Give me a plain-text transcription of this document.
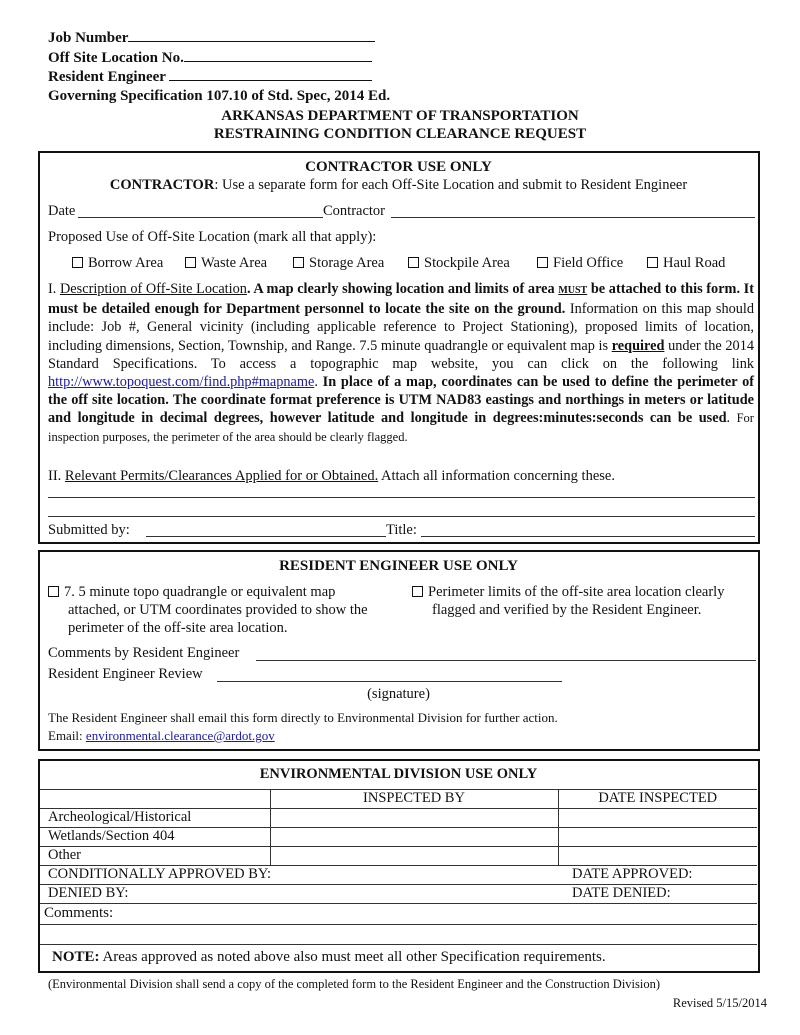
Job Number
Off Site Location No.
Resident Engineer
Governing Specification 107.10 of Std. Spec, 2014 Ed.
ARKANSAS DEPARTMENT OF TRANSPORTATION
RESTRAINING CONDITION CLEARANCE REQUEST
CONTRACTOR USE ONLY
CONTRACTOR: Use a separate form for each Off-Site Location and submit to Resident Engineer
Date	Contractor
Proposed Use of Off-Site Location (mark all that apply):
Borrow Area	Waste Area	Storage Area	Stockpile Area	Field Office	Haul Road
I. Description of Off-Site Location. A map clearly showing location and limits of area MUST be attached to this form. It must be detailed enough for Department personnel to locate the site on the ground. Information on this map should include: Job #, General vicinity (including applicable reference to Project Stationing), proposed limits of location, including dimensions, Section, Township, and Range. 7.5 minute quadrangle or equivalent map is required under the 2014 Standard Specifications. To access a topographic map website, you can click on the following link http://www.topoquest.com/find.php#mapname. In place of a map, coordinates can be used to define the perimeter of the off site location. The coordinate format preference is UTM NAD83 eastings and northings in meters or latitude and longitude in decimal degrees, however latitude and longitude in degrees:minutes:seconds can be used. For inspection purposes, the perimeter of the area should be clearly flagged.
II. Relevant Permits/Clearances Applied for or Obtained. Attach all information concerning these.
Submitted by:	Title:
RESIDENT ENGINEER USE ONLY
7. 5 minute topo quadrangle or equivalent map attached, or UTM coordinates provided to show the perimeter of the off-site area location.
Perimeter limits of the off-site area location clearly flagged and verified by the Resident Engineer.
Comments by Resident Engineer
Resident Engineer Review
(signature)
The Resident Engineer shall email this form directly to Environmental Division for further action.
Email: environmental.clearance@ardot.gov
ENVIRONMENTAL DIVISION USE ONLY		
	INSPECTED BY	DATE INSPECTED
Archeological/Historical		
Wetlands/Section 404		
Other		
CONDITIONALLY APPROVED BY:		DATE APPROVED:
DENIED BY:		DATE DENIED:
Comments:		

NOTE: Areas approved as noted above also must meet all other Specification requirements.		
(Environmental Division shall send a copy of the completed form to the Resident Engineer and the Construction Division)
Revised 5/15/2014
